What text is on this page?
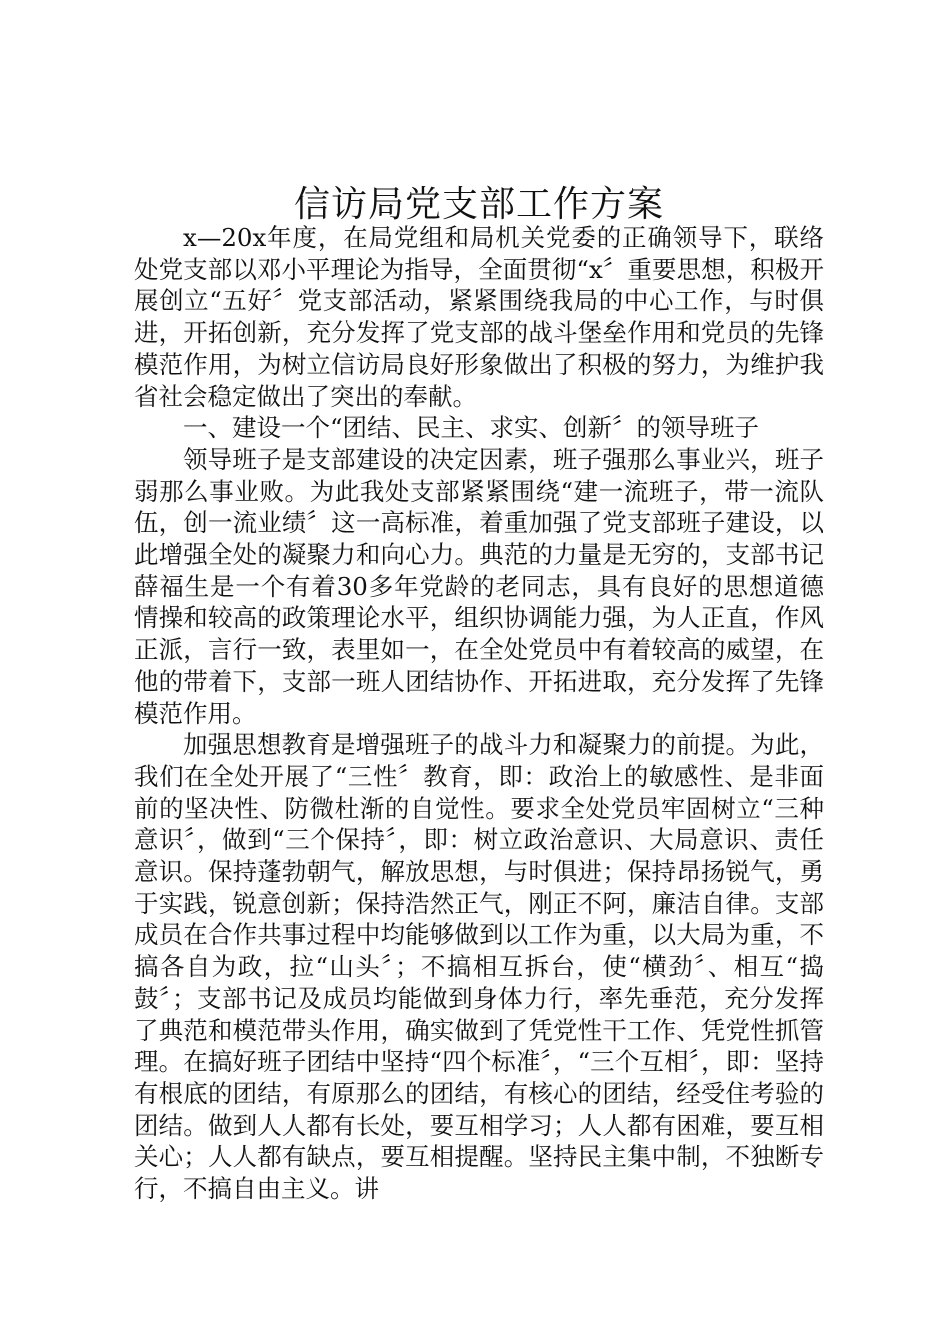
信访局党支部工作方案

x—20x年度，在局党组和局机关党委的正确领导下，联络处党支部以邓小平理论为指导，全面贯彻“x〞重要思想，积极开展创立“五好〞党支部活动，紧紧围绕我局的中心工作，与时俱进，开拓创新，充分发挥了党支部的战斗堡垒作用和党员的先锋模范作用，为树立信访局良好形象做出了积极的努力，为维护我省社会稳定做出了突出的奉献。

一、建设一个“团结、民主、求实、创新〞的领导班子

领导班子是支部建设的决定因素，班子强那么事业兴，班子弱那么事业败。为此我处支部紧紧围绕“建一流班子，带一流队伍，创一流业绩〞这一高标准，着重加强了党支部班子建设，以此增强全处的凝聚力和向心力。典范的力量是无穷的，支部书记薛福生是一个有着30多年党龄的老同志，具有良好的思想道德情操和较高的政策理论水平，组织协调能力强，为人正直，作风正派，言行一致，表里如一，在全处党员中有着较高的威望，在他的带着下，支部一班人团结协作、开拓进取，充分发挥了先锋模范作用。

加强思想教育是增强班子的战斗力和凝聚力的前提。为此，我们在全处开展了“三性〞教育，即：政治上的敏感性、是非面前的坚决性、防微杜渐的自觉性。要求全处党员牢固树立“三种意识〞，做到“三个保持〞，即：树立政治意识、大局意识、责任意识。保持蓬勃朝气，解放思想，与时俱进；保持昂扬锐气，勇于实践，锐意创新；保持浩然正气，刚正不阿，廉洁自律。支部成员在合作共事过程中均能够做到以工作为重，以大局为重，不搞各自为政，拉“山头〞；不搞相互拆台，使“横劲〞、相互“捣鼓〞；支部书记及成员均能做到身体力行，率先垂范，充分发挥了典范和模范带头作用，确实做到了凭党性干工作、凭党性抓管理。在搞好班子团结中坚持“四个标准〞，“三个互相〞，即：坚持有根底的团结，有原那么的团结，有核心的团结，经受住考验的团结。做到人人都有长处，要互相学习；人人都有困难，要互相关心；人人都有缺点，要互相提醒。坚持民主集中制，不独断专行，不搞自由主义。讲
